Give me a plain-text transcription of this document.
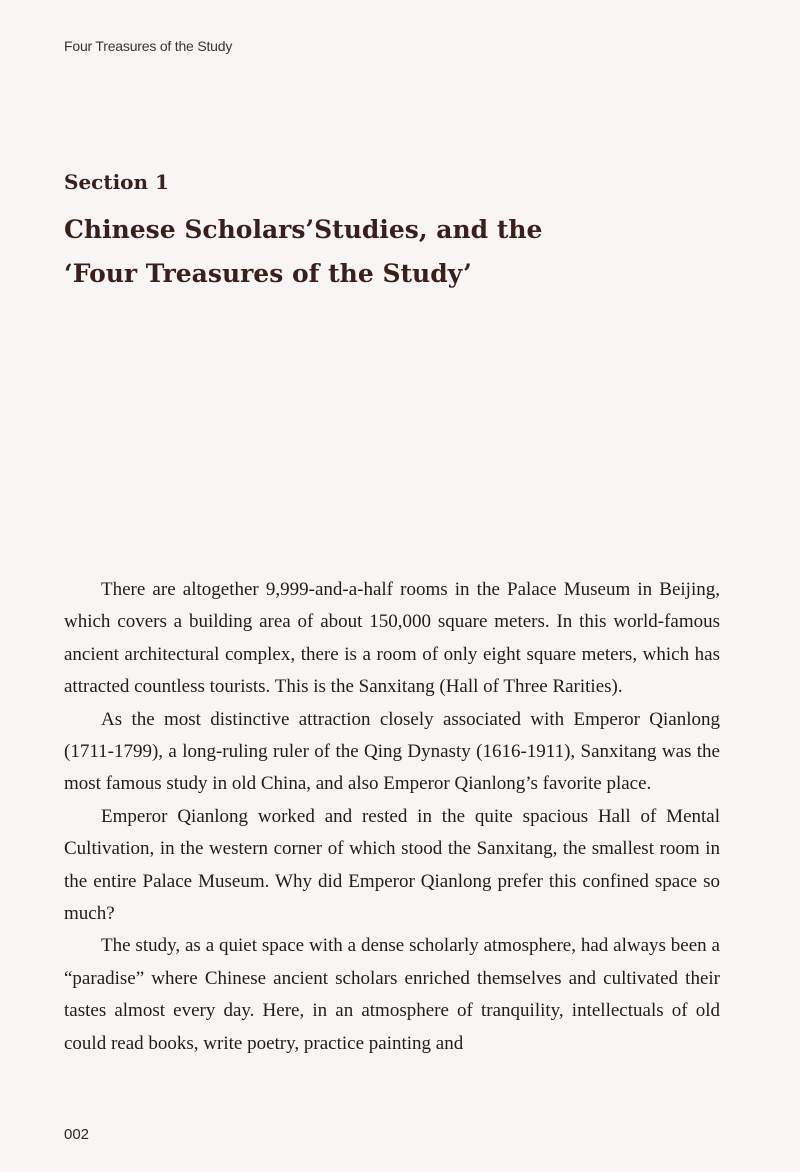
Four Treasures of the Study
Section 1
Chinese Scholars’Studies, and the
‘Four Treasures of the Study’

There are altogether 9,999-and-a-half rooms in the Palace Museum in Beijing, which covers a building area of about 150,000 square meters. In this world-famous ancient architectural complex, there is a room of only eight square meters, which has attracted countless tourists. This is the Sanxitang (Hall of Three Rarities).

As the most distinctive attraction closely associated with Emperor Qianlong (1711-1799), a long-ruling ruler of the Qing Dynasty (1616-1911), Sanxitang was the most famous study in old China, and also Emperor Qianlong’s favorite place.

Emperor Qianlong worked and rested in the quite spacious Hall of Mental Cultivation, in the western corner of which stood the Sanxitang, the smallest room in the entire Palace Museum. Why did Emperor Qianlong prefer this confined space so much?

The study, as a quiet space with a dense scholarly atmosphere, had always been a “paradise” where Chinese ancient scholars enriched themselves and cultivated their tastes almost every day. Here, in an atmosphere of tranquility, intellectuals of old could read books, write poetry, practice painting and

002
